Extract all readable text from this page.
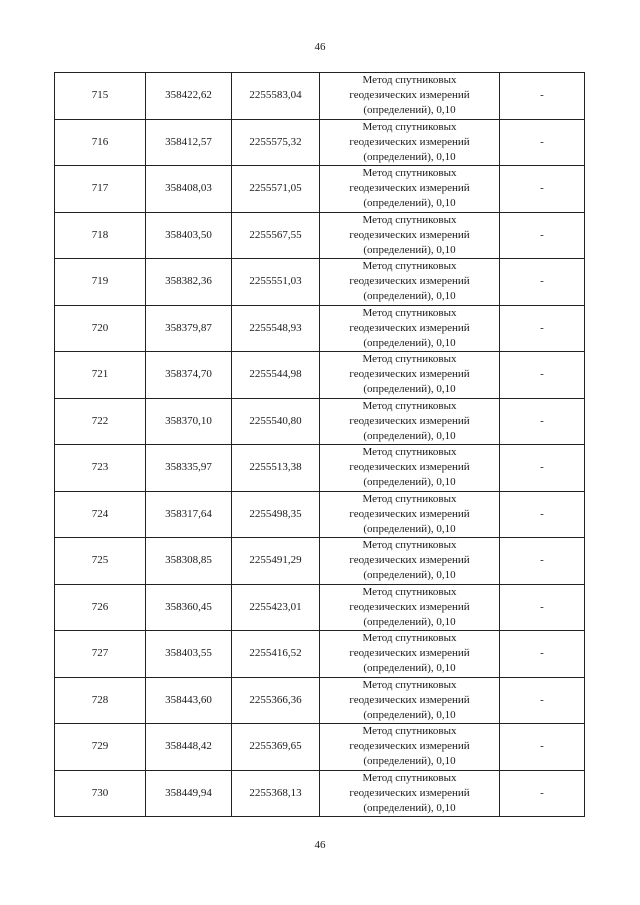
46
715	358422,62	2255583,04	Метод спутниковых
геодезических измерений
(определений), 0,10	-
716	358412,57	2255575,32	Метод спутниковых
геодезических измерений
(определений), 0,10	-
717	358408,03	2255571,05	Метод спутниковых
геодезических измерений
(определений), 0,10	-
718	358403,50	2255567,55	Метод спутниковых
геодезических измерений
(определений), 0,10	-
719	358382,36	2255551,03	Метод спутниковых
геодезических измерений
(определений), 0,10	-
720	358379,87	2255548,93	Метод спутниковых
геодезических измерений
(определений), 0,10	-
721	358374,70	2255544,98	Метод спутниковых
геодезических измерений
(определений), 0,10	-
722	358370,10	2255540,80	Метод спутниковых
геодезических измерений
(определений), 0,10	-
723	358335,97	2255513,38	Метод спутниковых
геодезических измерений
(определений), 0,10	-
724	358317,64	2255498,35	Метод спутниковых
геодезических измерений
(определений), 0,10	-
725	358308,85	2255491,29	Метод спутниковых
геодезических измерений
(определений), 0,10	-
726	358360,45	2255423,01	Метод спутниковых
геодезических измерений
(определений), 0,10	-
727	358403,55	2255416,52	Метод спутниковых
геодезических измерений
(определений), 0,10	-
728	358443,60	2255366,36	Метод спутниковых
геодезических измерений
(определений), 0,10	-
729	358448,42	2255369,65	Метод спутниковых
геодезических измерений
(определений), 0,10	-
730	358449,94	2255368,13	Метод спутниковых
геодезических измерений
(определений), 0,10	-
46
